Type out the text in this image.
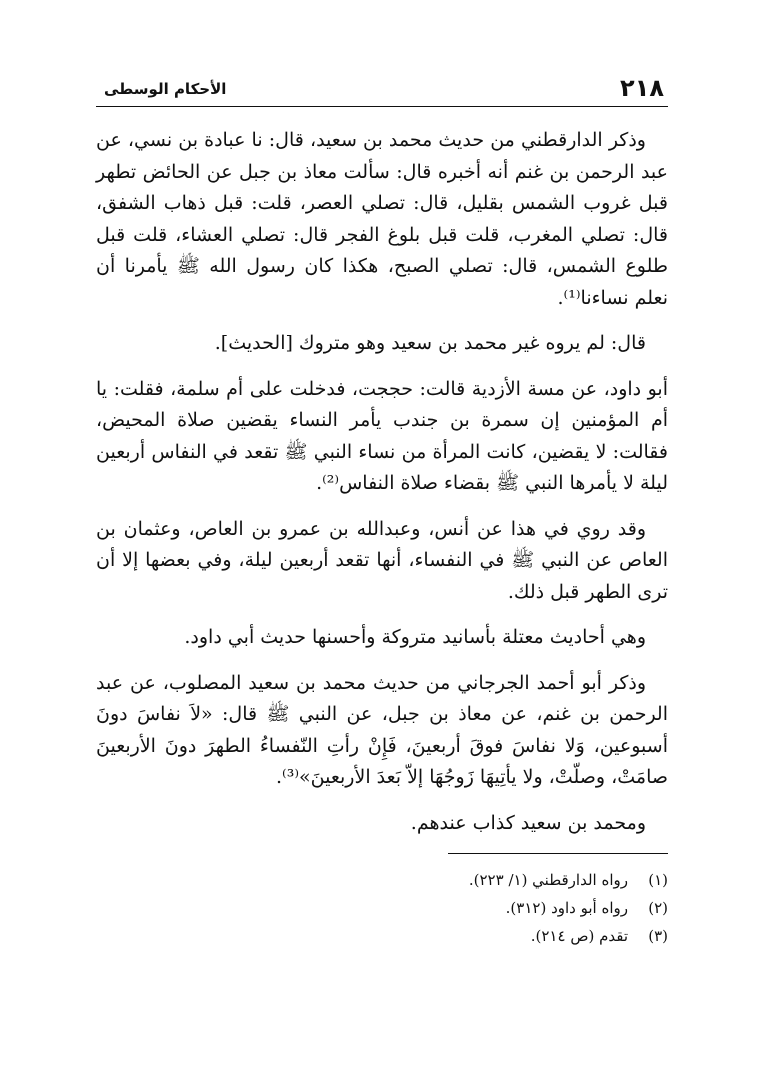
٢١٨
الأحكام الوسطى

وذكر الدارقطني من حديث محمد بن سعيد، قال: نا عبادة بن نسي، عن عبد الرحمن بن غنم أنه أخبره قال: سألت معاذ بن جبل عن الحائض تطهر قبل غروب الشمس بقليل، قال: تصلي العصر، قلت: قبل ذهاب الشفق، قال: تصلي المغرب، قلت قبل بلوغ الفجر قال: تصلي العشاء، قلت قبل طلوع الشمس، قال: تصلي الصبح، هكذا كان رسول الله ﷺ يأمرنا أن نعلم نساءنا⁽¹⁾.

قال: لم يروه غير محمد بن سعيد وهو متروك [الحديث].

أبو داود، عن مسة الأزدية قالت: حججت، فدخلت على أم سلمة، فقلت: يا أم المؤمنين إن سمرة بن جندب يأمر النساء يقضين صلاة المحيض، فقالت: لا يقضين، كانت المرأة من نساء النبي ﷺ تقعد في النفاس أربعين ليلة لا يأمرها النبي ﷺ بقضاء صلاة النفاس⁽²⁾.

وقد روي في هذا عن أنس، وعبدالله بن عمرو بن العاص، وعثمان بن العاص عن النبي ﷺ في النفساء، أنها تقعد أربعين ليلة، وفي بعضها إلا أن ترى الطهر قبل ذلك.

وهي أحاديث معتلة بأسانيد متروكة وأحسنها حديث أبي داود.

وذكر أبو أحمد الجرجاني من حديث محمد بن سعيد المصلوب، عن عبد الرحمن بن غنم، عن معاذ بن جبل، عن النبي ﷺ قال: «لاَ نفاسَ دونَ أسبوعين، وَلا نفاسَ فوقَ أربعينَ، فَإِنْ رأتِ النّفساءُ الطهرَ دونَ الأربعينَ صامَتْ، وصلّتْ، ولا يأتِيهَا زَوجُهَا إلاّ بَعدَ الأربعينَ»⁽³⁾.

ومحمد بن سعيد كذاب عندهم.

(١)
رواه الدارقطني (١/ ٢٢٣).
(٢)
رواه أبو داود (٣١٢).
(٣)
تقدم (ص ٢١٤).
